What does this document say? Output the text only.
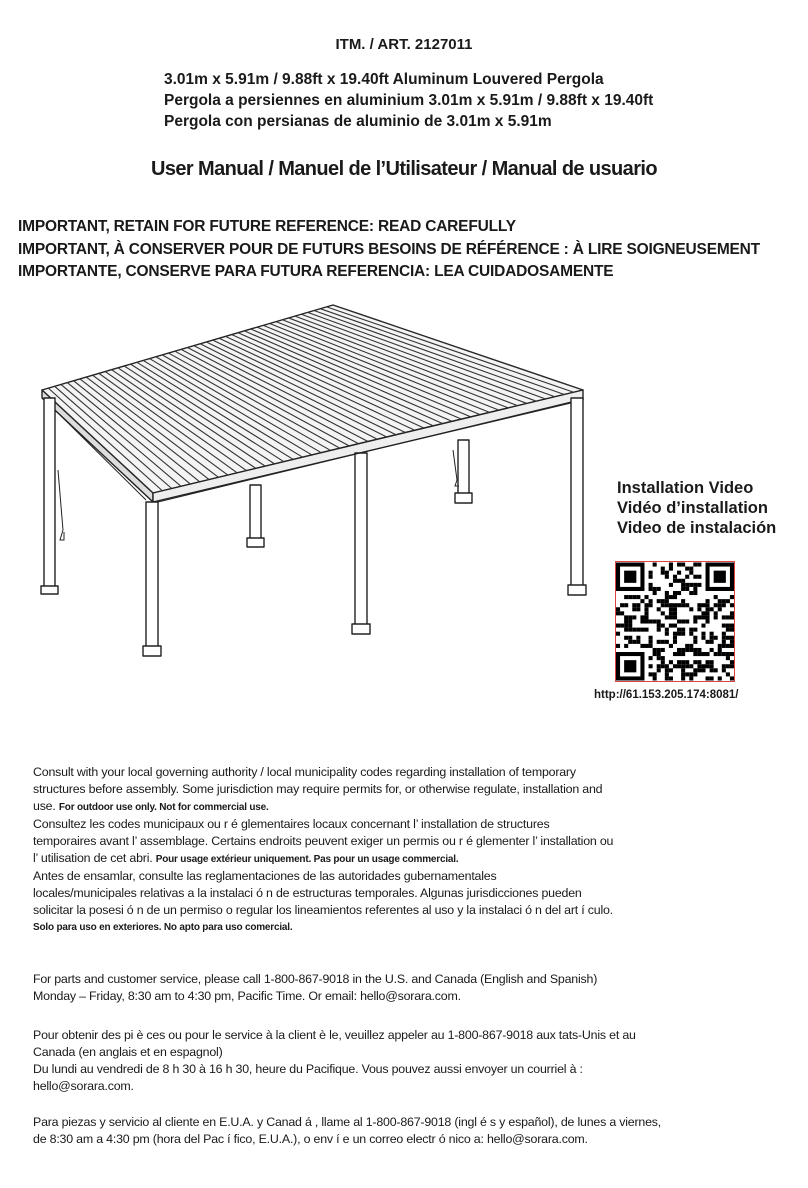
ITM. / ART. 2127011
3.01m x 5.91m / 9.88ft x 19.40ft Aluminum Louvered Pergola
Pergola a persiennes en aluminium 3.01m x 5.91m / 9.88ft x 19.40ft
Pergola con persianas de aluminio de 3.01m x 5.91m
User Manual / Manuel de l’Utilisateur / Manual de usuario
IMPORTANT, RETAIN FOR FUTURE REFERENCE: READ CAREFULLY
IMPORTANT, À CONSERVER POUR DE FUTURS BESOINS DE RÉFÉRENCE : À LIRE SOIGNEUSEMENT
IMPORTANTE, CONSERVE PARA FUTURA REFERENCIA: LEA CUIDADOSAMENTE
Installation Video
Vidéo d’installation
Video de instalación
http://61.153.205.174:8081/
Consult with your local governing authority / local municipality codes regarding installation of temporary
structures before assembly. Some jurisdiction may require permits for, or otherwise regulate, installation and
use. For outdoor use only. Not for commercial use.
Consultez les codes municipaux ou r é glementaires locaux concernant l’ installation de structures
temporaires avant l’ assemblage. Certains endroits peuvent exiger un permis ou r é glementer l’ installation ou
l’ utilisation de cet abri. Pour usage extérieur uniquement. Pas pour un usage commercial.
Antes de ensamlar, consulte las reglamentaciones de las autoridades gubernamentales
locales/municipales relativas a la instalaci ó n de estructuras temporales. Algunas jurisdicciones pueden
solicitar la posesi ó n de un permiso o regular los lineamientos referentes al uso y la instalaci ó n del art í culo.
Solo para uso en exteriores. No apto para uso comercial.
For parts and customer service, please call 1-800-867-9018 in the U.S. and Canada (English and Spanish)
Monday – Friday, 8:30 am to 4:30 pm, Pacific Time. Or email: hello@sorara.com.
Pour obtenir des pi è ces ou pour le service à la client è le, veuillez appeler au 1-800-867-9018 aux tats-Unis et au
Canada (en anglais et en espagnol)
Du lundi au vendredi de 8 h 30 à 16 h 30, heure du Pacifique. Vous pouvez aussi envoyer un courriel à :
hello@sorara.com.
Para piezas y servicio al cliente en E.U.A. y Canad á , llame al 1-800-867-9018 (ingl é s y español), de lunes a viernes,
de 8:30 am a 4:30 pm (hora del Pac í fico, E.U.A.), o env í e un correo electr ó nico a: hello@sorara.com.
